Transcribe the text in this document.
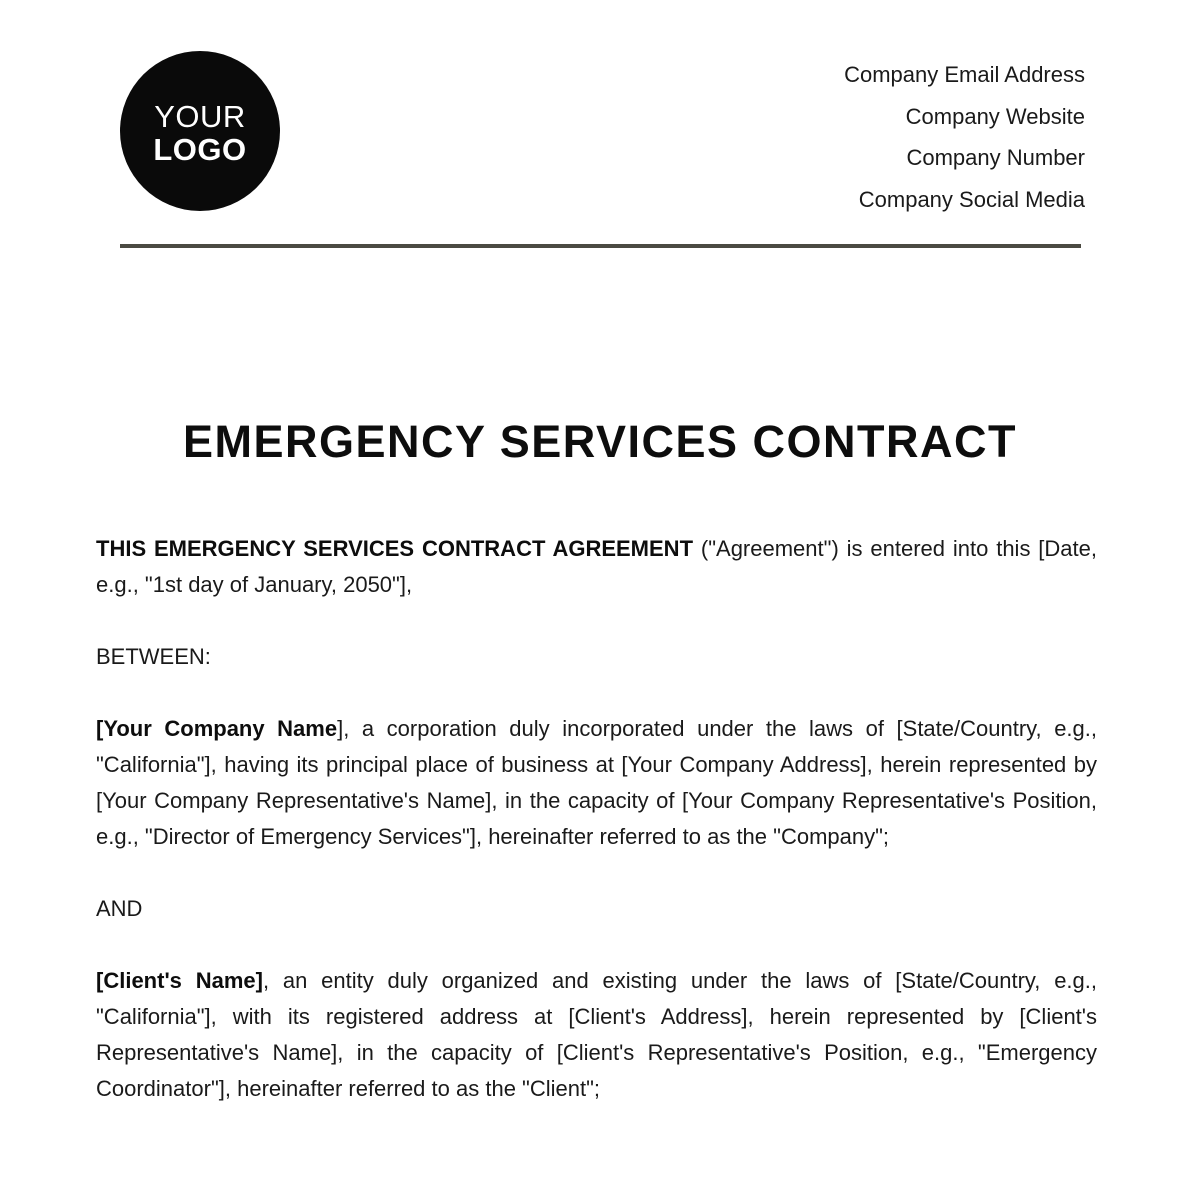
YOUR
LOGO
Company Email Address
Company Website
Company Number
Company Social Media
EMERGENCY SERVICES CONTRACT

THIS EMERGENCY SERVICES CONTRACT AGREEMENT ("Agreement") is entered into this [Date, e.g., "1st day of January, 2050"],

BETWEEN:

[Your Company Name], a corporation duly incorporated under the laws of [State/Country, e.g., "California"], having its principal place of business at [Your Company Address], herein represented by [Your Company Representative's Name], in the capacity of [Your Company Representative's Position, e.g., "Director of Emergency Services"], hereinafter referred to as the "Company";

AND

[Client's Name], an entity duly organized and existing under the laws of [State/Country, e.g., "California"], with its registered address at [Client's Address], herein represented by [Client's Representative's Name], in the capacity of [Client's Representative's Position, e.g., "Emergency Coordinator"], hereinafter referred to as the "Client";
